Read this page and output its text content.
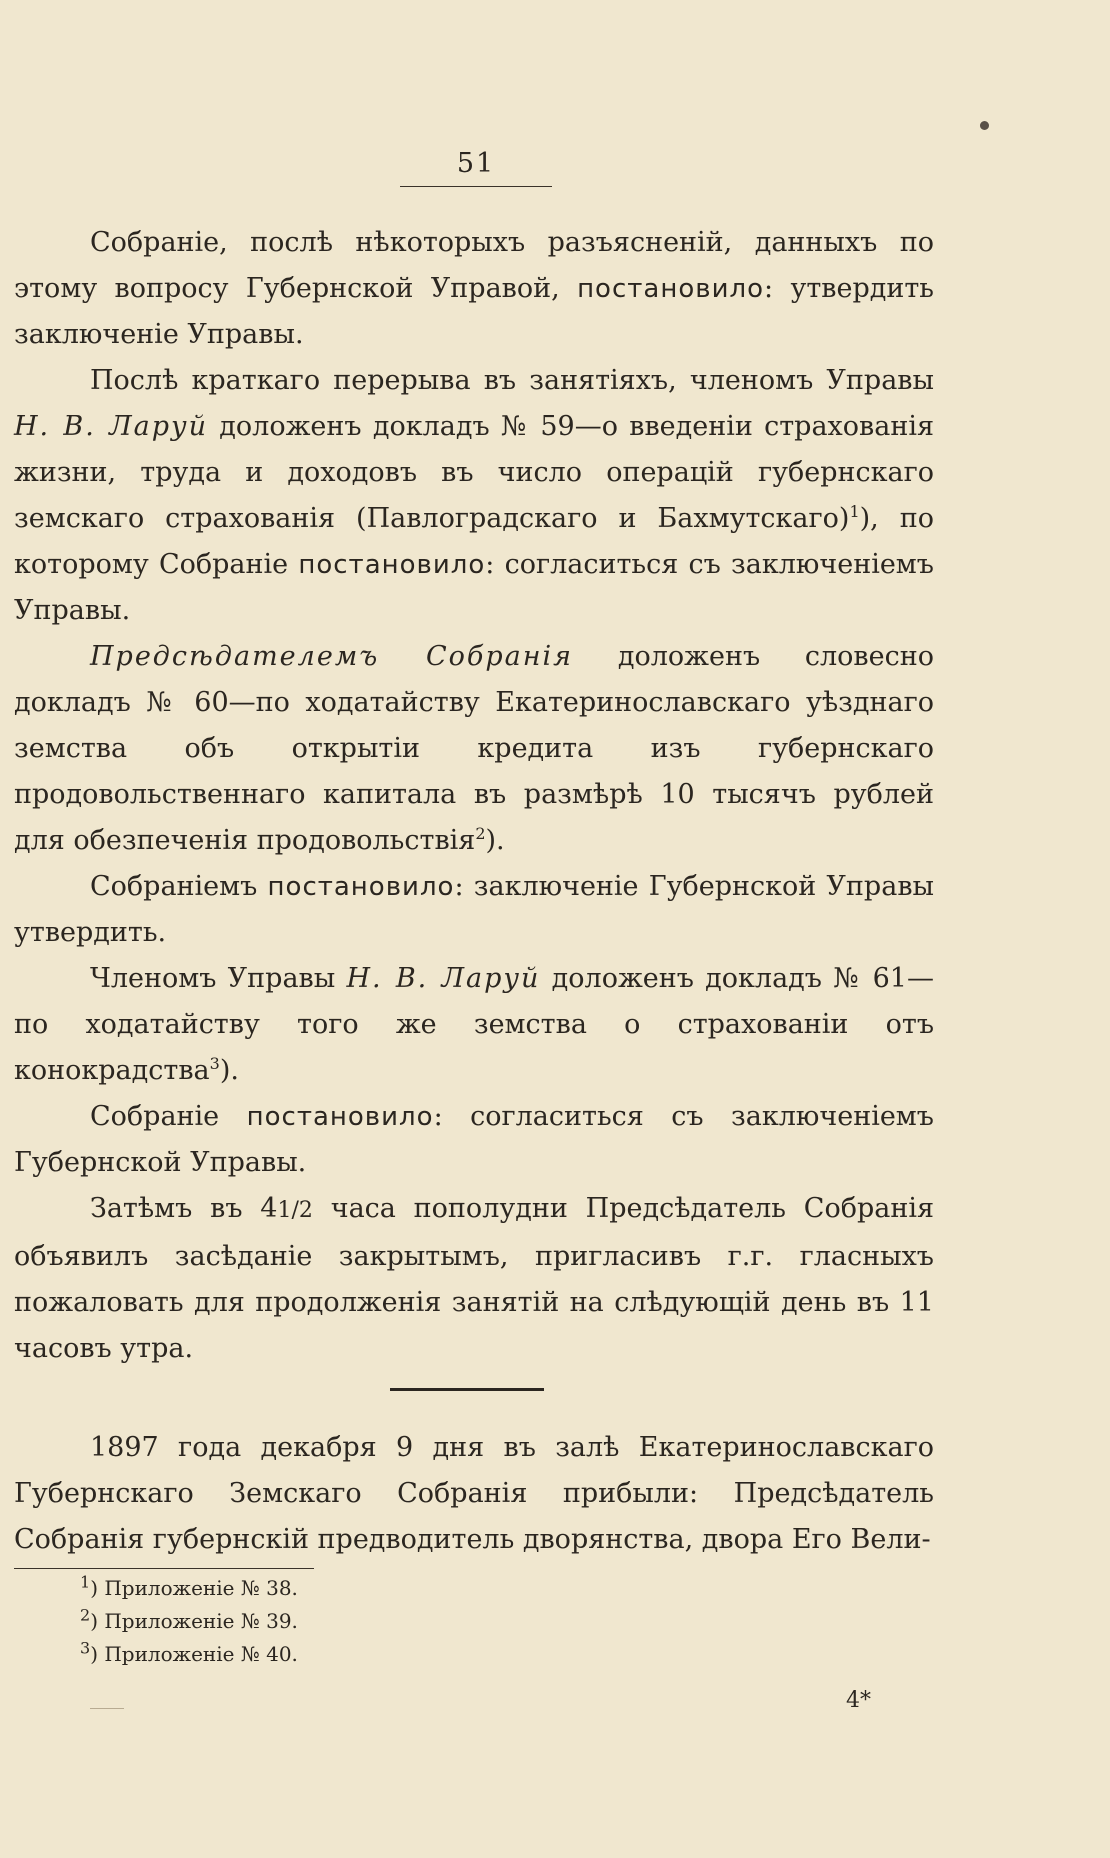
51

Собраніе, послѣ нѣкоторыхъ разъясненій, данныхъ по этому вопросу Губернской Управой, постановило: утвердить заключеніе Управы.

Послѣ краткаго перерыва въ занятіяхъ, членомъ Управы Н. В. Ларуй доложенъ докладъ № 59—о введеніи страхованія жизни, труда и доходовъ въ число операцій губернскаго земскаго страхованія (Павлоградскаго и Бахмутскаго)$^1$), по которому Собраніе постановило: согласиться съ заключеніемъ Управы.

Предсѣдателемъ Собранія доложенъ словесно докладъ № 60—по ходатайству Екатеринославскаго уѣзднаго земства объ открытіи кредита изъ губернскаго продовольственнаго капитала въ размѣрѣ 10 тысячъ рублей для обезпеченія продовольствія$^2$).

Собраніемъ постановило: заключеніе Губернской Управы утвердить.

Членомъ Управы Н. В. Ларуй доложенъ докладъ № 61—по ходатайству того же земства о страхованіи отъ конокрадства$^3$).

Собраніе постановило: согласиться съ заключеніемъ Губернской Управы.

Затѣмъ въ 41/2 часа пополудни Предсѣдатель Собранія объявилъ засѣданіе закрытымъ, пригласивъ г.г. гласныхъ пожаловать для продолженія занятій на слѣдующій день въ 11 часовъ утра.

1897 года декабря 9 дня въ залѣ Екатеринославскаго Губернскаго Земскаго Собранія прибыли: Предсѣдатель Собранія губернскій предводитель дворянства, двора Его Вели-

$^1$) Приложеніе № 38.
$^2$) Приложеніе № 39.
$^3$) Приложеніе № 40.
4*
